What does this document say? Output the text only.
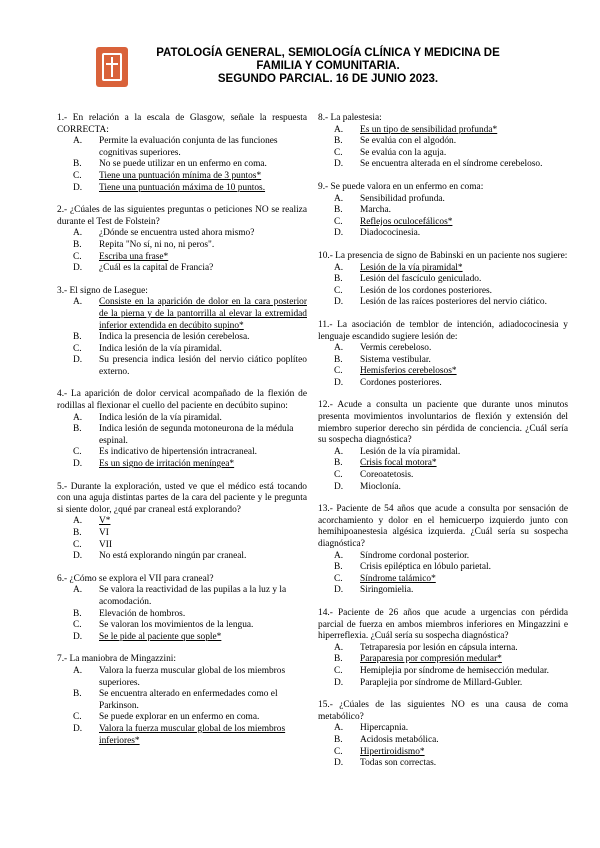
PATOLOGÍA GENERAL, SEMIOLOGÍA CLÍNICA Y MEDICINA DE
FAMILIA Y COMUNITARIA.
SEGUNDO PARCIAL. 16 DE JUNIO 2023.
1.- En relación a la escala de Glasgow, señale la respuesta CORRECTA:
A.	Permite la evaluación conjunta de las funciones cognitivas superiores.
B.	No se puede utilizar en un enfermo en coma.
C.	Tiene una puntuación mínima de 3 puntos*
D.	Tiene una puntuación máxima de 10 puntos.
2.- ¿Cúales de las siguientes preguntas o peticiones NO se realiza durante el Test de Folstein?
A.	¿Dónde se encuentra usted ahora mismo?
B.	Repita "No sí, ni no, ni peros".
C.	Escriba una frase*
D.	¿Cuál es la capital de Francia?
3.- El signo de Lasegue:
A.	Consiste en la aparición de dolor en la cara posterior de la pierna y de la pantorrilla al elevar la extremidad inferior extendida en decúbito supino*
B.	Indica la presencia de lesión cerebelosa.
C.	Indica lesión de la vía piramidal.
D.	Su presencia indica lesión del nervio ciático poplíteo externo.
4.- La aparición de dolor cervical acompañado de la flexión de rodillas al flexionar el cuello del paciente en decúbito supino:
A.	Indica lesión de la vía piramidal.
B.	Indica lesión de segunda motoneurona de la médula espinal.
C.	Es indicativo de hipertensión intracraneal.
D.	Es un signo de irritación meníngea*
5.- Durante la exploración, usted ve que el médico está tocando con una aguja distintas partes de la cara del paciente y le pregunta si siente dolor, ¿qué par craneal está explorando?
A.	V*
B.	VI
C.	VII
D.	No está explorando ningún par craneal.
6.- ¿Cómo se explora el VII para craneal?
A.	Se valora la reactividad de las pupilas a la luz y la acomodación.
B.	Elevación de hombros.
C.	Se valoran los movimientos de la lengua.
D.	Se le pide al paciente que sople*
7.- La maniobra de Mingazzini:
A.	Valora la fuerza muscular global de los miembros superiores.
B.	Se encuentra alterado en enfermedades como el Parkinson.
C.	Se puede explorar en un enfermo en coma.
D.	Valora la fuerza muscular global de los miembros inferiores*
8.- La palestesia:
A.	Es un tipo de sensibilidad profunda*
B.	Se evalúa con el algodón.
C.	Se evalúa con la aguja.
D.	Se encuentra alterada en el síndrome cerebeloso.
9.- Se puede valora en un enfermo en coma:
A.	Sensibilidad profunda.
B.	Marcha.
C.	Reflejos oculocefálicos*
D.	Diadococinesia.
10.- La presencia de signo de Babinski en un paciente nos sugiere:
A.	Lesión de la vía piramidal*
B.	Lesión del fascículo geniculado.
C.	Lesión de los cordones posteriores.
D.	Lesión de las raíces posteriores del nervio ciático.
11.- La asociación de temblor de intención, adiadococinesia y lenguaje escandido sugiere lesión de:
A.	Vermis cerebeloso.
B.	Sistema vestibular.
C.	Hemisferios cerebelosos*
D.	Cordones posteriores.
12.- Acude a consulta un paciente que durante unos minutos presenta movimientos involuntarios de flexión y extensión del miembro superior derecho sin pérdida de conciencia. ¿Cuál sería su sospecha diagnóstica?
A.	Lesión de la vía piramidal.
B.	Crisis focal motora*
C.	Coreoatetosis.
D.	Mioclonía.
13.- Paciente de 54 años que acude a consulta por sensación de acorchamiento y dolor en el hemicuerpo izquierdo junto con hemihipoanestesia algésica izquierda. ¿Cuál sería su sospecha diagnóstica?
A.	Síndrome cordonal posterior.
B.	Crisis epiléptica en lóbulo parietal.
C.	Síndrome talámico*
D.	Siringomielia.
14.- Paciente de 26 años que acude a urgencias con pérdida parcial de fuerza en ambos miembros inferiores en Mingazzini e hiperreflexia. ¿Cuál sería su sospecha diagnóstica?
A.	Tetraparesia por lesión en cápsula interna.
B.	Paraparesia por compresión medular*
C.	Hemiplejia por síndrome de hemisección medular.
D.	Paraplejia por síndrome de Millard-Gubler.
15.- ¿Cúales de las siguientes NO es una causa de coma metabólico?
A.	Hipercapnia.
B.	Acidosis metabólica.
C.	Hipertiroidismo*
D.	Todas son correctas.
